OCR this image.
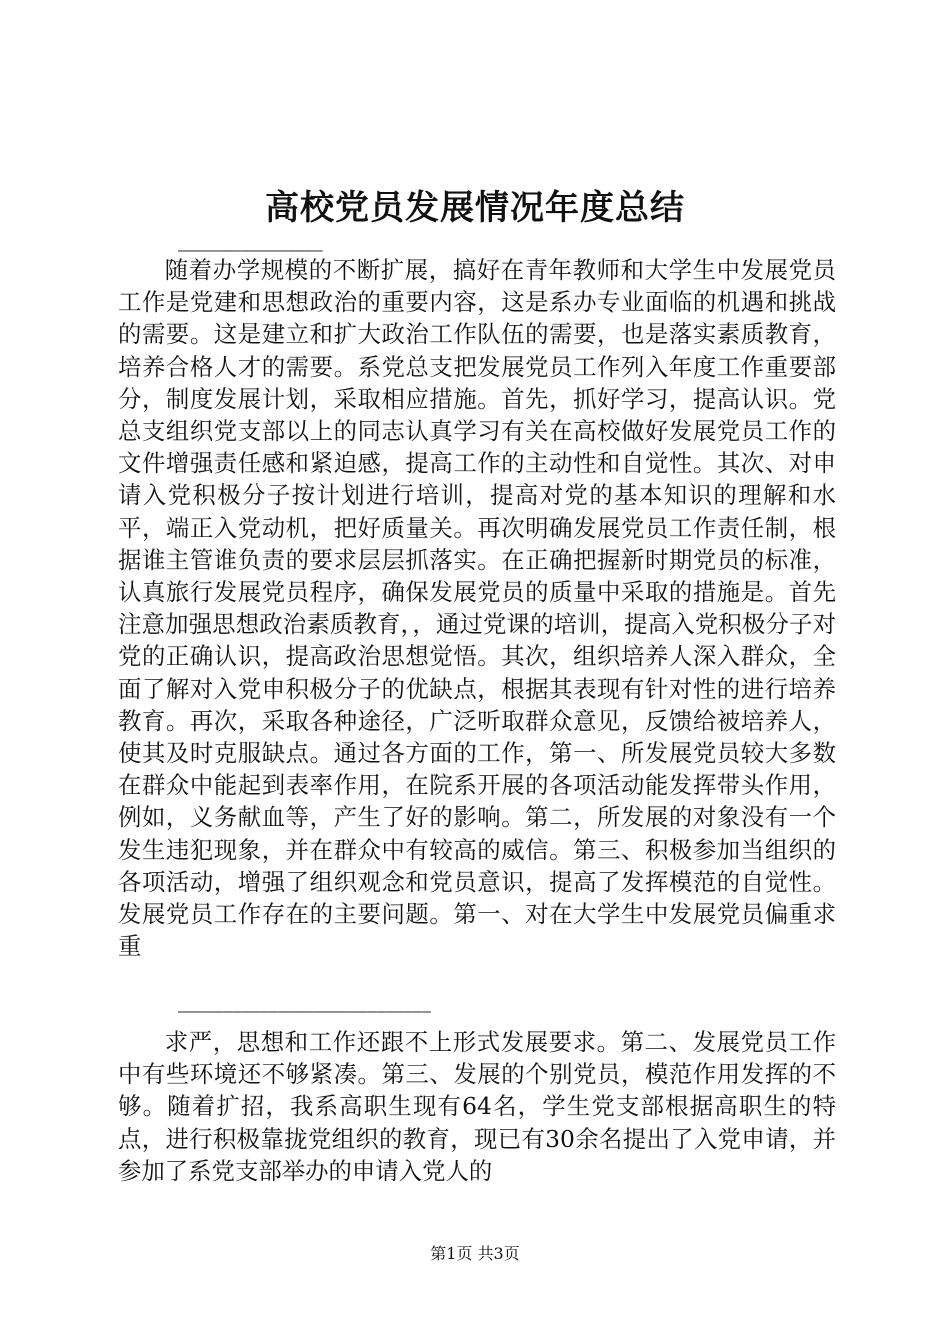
高校党员发展情况年度总结
————————————————

随着办学规模的不断扩展，搞好在青年教师和大学生中发展党员工作是党建和思想政治的重要内容，这是系办专业面临的机遇和挑战的需要。这是建立和扩大政治工作队伍的需要，也是落实素质教育，培养合格人才的需要。系党总支把发展党员工作列入年度工作重要部分，制度发展计划，采取相应措施。首先，抓好学习，提高认识。党总支组织党支部以上的同志认真学习有关在高校做好发展党员工作的文件增强责任感和紧迫感，提高工作的主动性和自觉性。其次、对申请入党积极分子按计划进行培训，提高对党的基本知识的理解和水平，端正入党动机，把好质量关。再次明确发展党员工作责任制，根据谁主管谁负责的要求层层抓落实。在正确把握新时期党员的标准，认真旅行发展党员程序，确保发展党员的质量中采取的措施是。首先注意加强思想政治素质教育，，通过党课的培训，提高入党积极分子对党的正确认识，提高政治思想觉悟。其次，组织培养人深入群众，全面了解对入党申积极分子的优缺点，根据其表现有针对性的进行培养教育。再次，采取各种途径，广泛听取群众意见，反馈给被培养人，使其及时克服缺点。通过各方面的工作，第一、所发展党员较大多数在群众中能起到表率作用，在院系开展的各项活动能发挥带头作用，例如，义务献血等，产生了好的影响。第二，所发展的对象没有一个发生违犯现象，并在群众中有较高的威信。第三、积极参加当组织的各项活动，增强了组织观念和党员意识，提高了发挥模范的自觉性。发展党员工作存在的主要问题。第一、对在大学生中发展党员偏重求重

————————————————————————————

求严，思想和工作还跟不上形式发展要求。第二、发展党员工作中有些环境还不够紧凑。第三、发展的个别党员，模范作用发挥的不够。随着扩招，我系高职生现有64名，学生党支部根据高职生的特点，进行积极靠拢党组织的教育，现已有30余名提出了入党申请，并参加了系党支部举办的申请入党人的

第1页 共3页
